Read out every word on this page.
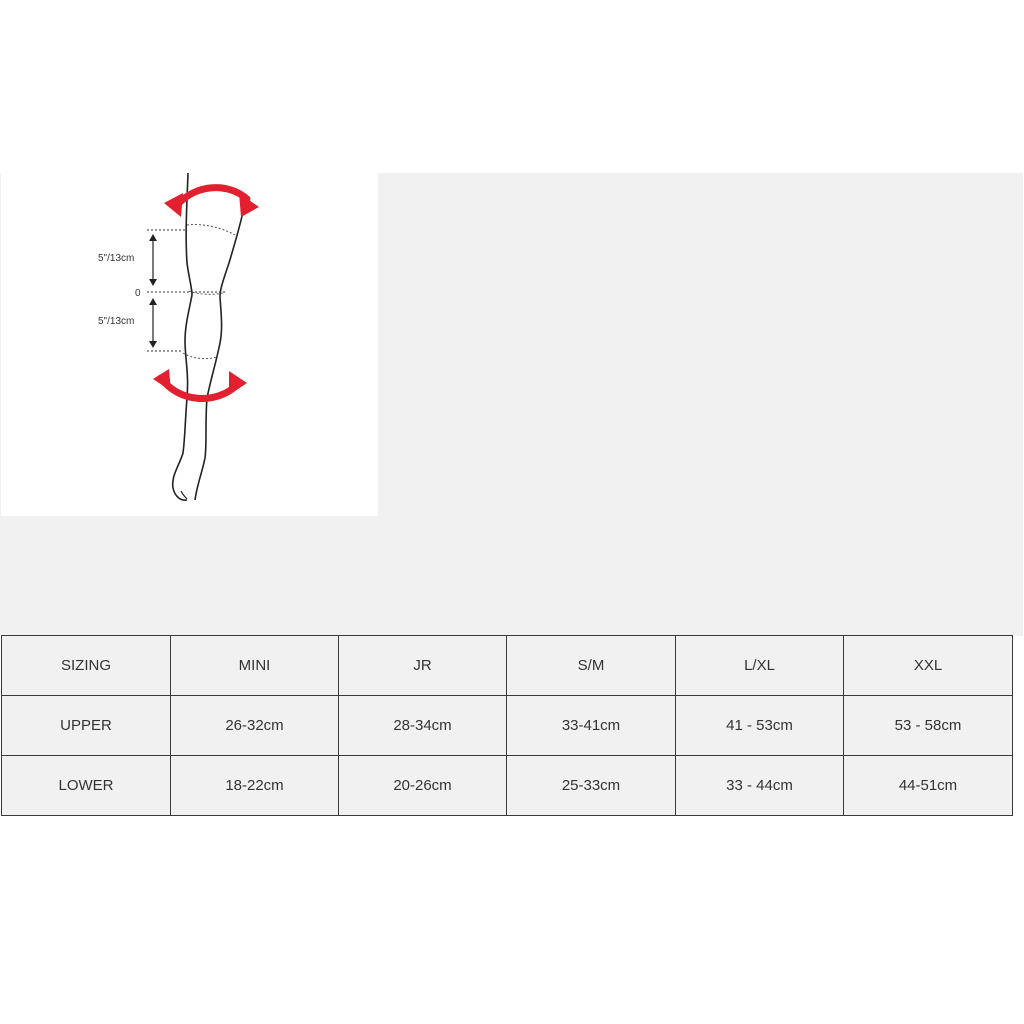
5"/13cm
0
5"/13cm
SIZING	MINI	JR	S/M	L/XL	XXL
UPPER	26-32cm	28-34cm	33-41cm	41 - 53cm	53 - 58cm
LOWER	18-22cm	20-26cm	25-33cm	33 - 44cm	44-51cm
